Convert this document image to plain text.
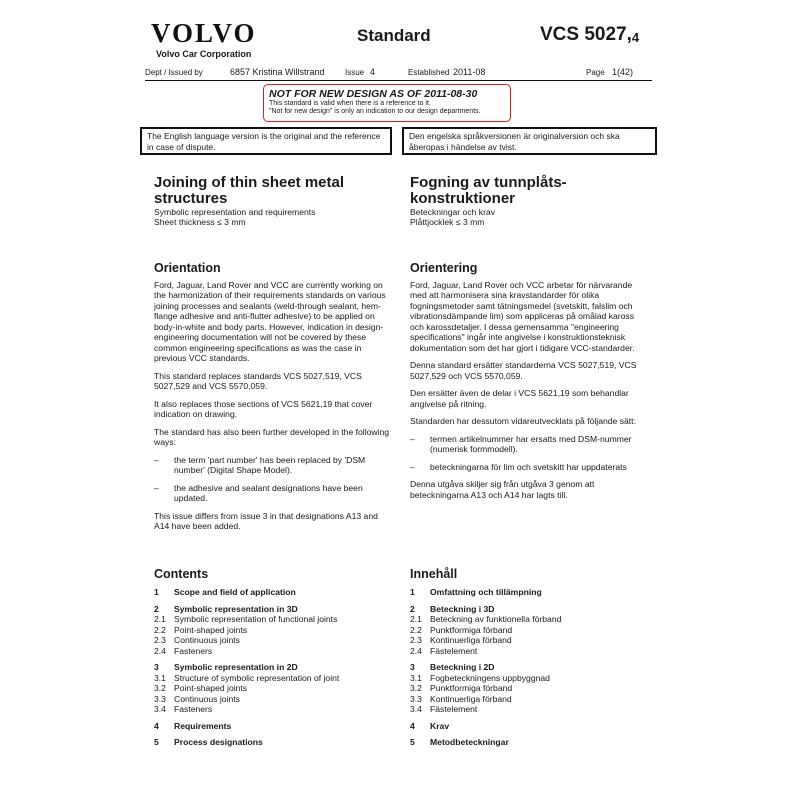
VOLVO
Volvo Car Corporation
Standard	VCS $5027,_4$
Dept / Issued by	6857 Kristina Willstrand	Issue 4	Established 2011-08	Page 1(42)
NOT FOR NEW DESIGN AS OF 2011-08-30
This standard is valid when there is a reference to it.
"Not for new design" is only an indication to our design departments.
The English language version is the original and the reference in case of dispute.
Den engelska språkversionen är originalversion och ska åberopas i händelse av tvist.
Joining of thin sheet metal structures
Symbolic representation and requirements
Sheet thickness ≤ 3 mm
Orientation

Ford, Jaguar, Land Rover and VCC are currently working on the harmonization of their requirements standards on various joining processes and sealants (weld-through sealant, hem-flange adhesive and anti-flutter adhesive) to be applied on body-in-white and body parts. However, indication in design-engineering documentation will not be covered by these common engineering specifications as was the case in previous VCC standards.

This standard replaces standards VCS 5027,519, VCS 5027,529 and VCS 5570,059.

It also replaces those sections of VCS 5621,19 that cover indication on drawing.

The standard has also been further developed in the following ways:

–	the term 'part number' has been replaced by 'DSM number' (Digital Shape Model).
–	the adhesive and sealant designations have been updated.

This issue differs from issue 3 in that designations A13 and A14 have been added.

Contents
1	Scope and field of application
2	Symbolic representation in 3D
2.1 Symbolic representation of functional joints
2.2 Point-shaped joints
2.3 Continuous joints
2.4 Fasteners
3	Symbolic representation in 2D
3.1 Structure of symbolic representation of joint
3.2 Point-shaped joints
3.3 Continuous joints
3.4 Fasteners
4	Requirements
5	Process designations
Fogning av tunnplåts-konstruktioner
Beteckningar och krav
Plåttjocklek ≤ 3 mm
Orientering

Ford, Jaguar, Land Rover och VCC arbetar för närvarande med att harmonisera sina kravstandarder för olika fogningsmetoder samt tätningsmedel (svetskitt, falslim och vibrationsdämpande lim) som appliceras på omålad kaross och karossdetaljer. I dessa gemensamma "engineering specifications" ingår inte angivelse i konstruktionsteknisk dokumentation som det har gjort i tidigare VCC-standarder.

Denna standard ersätter standarderna VCS 5027,519, VCS 5027,529 och VCS 5570,059.

Den ersätter även de delar i VCS 5621,19 som behandlar angivelse på ritning.

Standarden har dessutom vidareutvecklats på följande sätt:

–	termen artikelnummer har ersatts med DSM-nummer (numerisk formmodell).
–	beteckningarna för lim och svetskitt har uppdaterats

Denna utgåva skiljer sig från utgåva 3 genom att beteckningarna A13 och A14 har lagts till.

Innehåll
1	Omfattning och tillämpning
2	Beteckning i 3D
2.1 Beteckning av funktionella förband
2.2 Punktformiga förband
2.3 Kontinuerliga förband
2.4 Fästelement
3	Beteckning i 2D
3.1 Fogbeteckningens uppbyggnad
3.2 Punktformiga förband
3.3 Kontinuerliga förband
3.4 Fästelement
4	Krav
5	Metodbeteckningar
